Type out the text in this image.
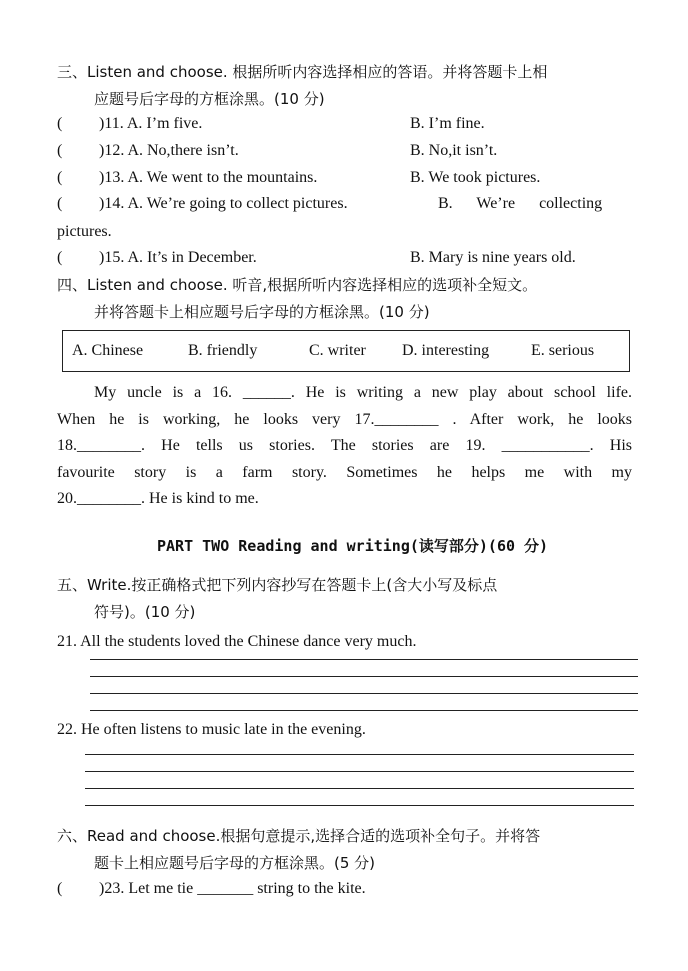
三、Listen and choose. 根据所听内容选择相应的答语。并将答题卡上相
应题号后字母的方框涂黑。(10 分)
( )11. A. I’m five.	B. I’m fine.
( )12. A. No,there isn’t.	B. No,it isn’t.
( )13. A. We went to the mountains.	B. We took pictures.
( )14. A. We’re going to collect pictures.	B.      We’re      collecting
pictures.
( )15. A. It’s in December.	B. Mary is nine years old.
四、Listen and choose. 听音,根据所听内容选择相应的选项补全短文。
并将答题卡上相应题号后字母的方框涂黑。(10 分)
A. Chinese	B. friendly	C. writer D. interesting	E. serious
My uncle is a 16. ______. He is writing a new play about school life.
When he is working, he looks very 17.________ . After work, he looks
18.________. He tells us stories. The stories are 19. ___________. His
favourite story is a farm story. Sometimes he helps me with my
20.________. He is kind to me.
PART TWO Reading and writing(读写部分)(60 分)
五、Write.按正确格式把下列内容抄写在答题卡上(含大小写及标点
符号)。(10 分)
21. All the students loved the Chinese dance very much.
22. He often listens to music late in the evening.
六、Read and choose.根据句意提示,选择合适的选项补全句子。并将答
题卡上相应题号后字母的方框涂黑。(5 分)
( )23. Let me tie _______ string to the kite.
